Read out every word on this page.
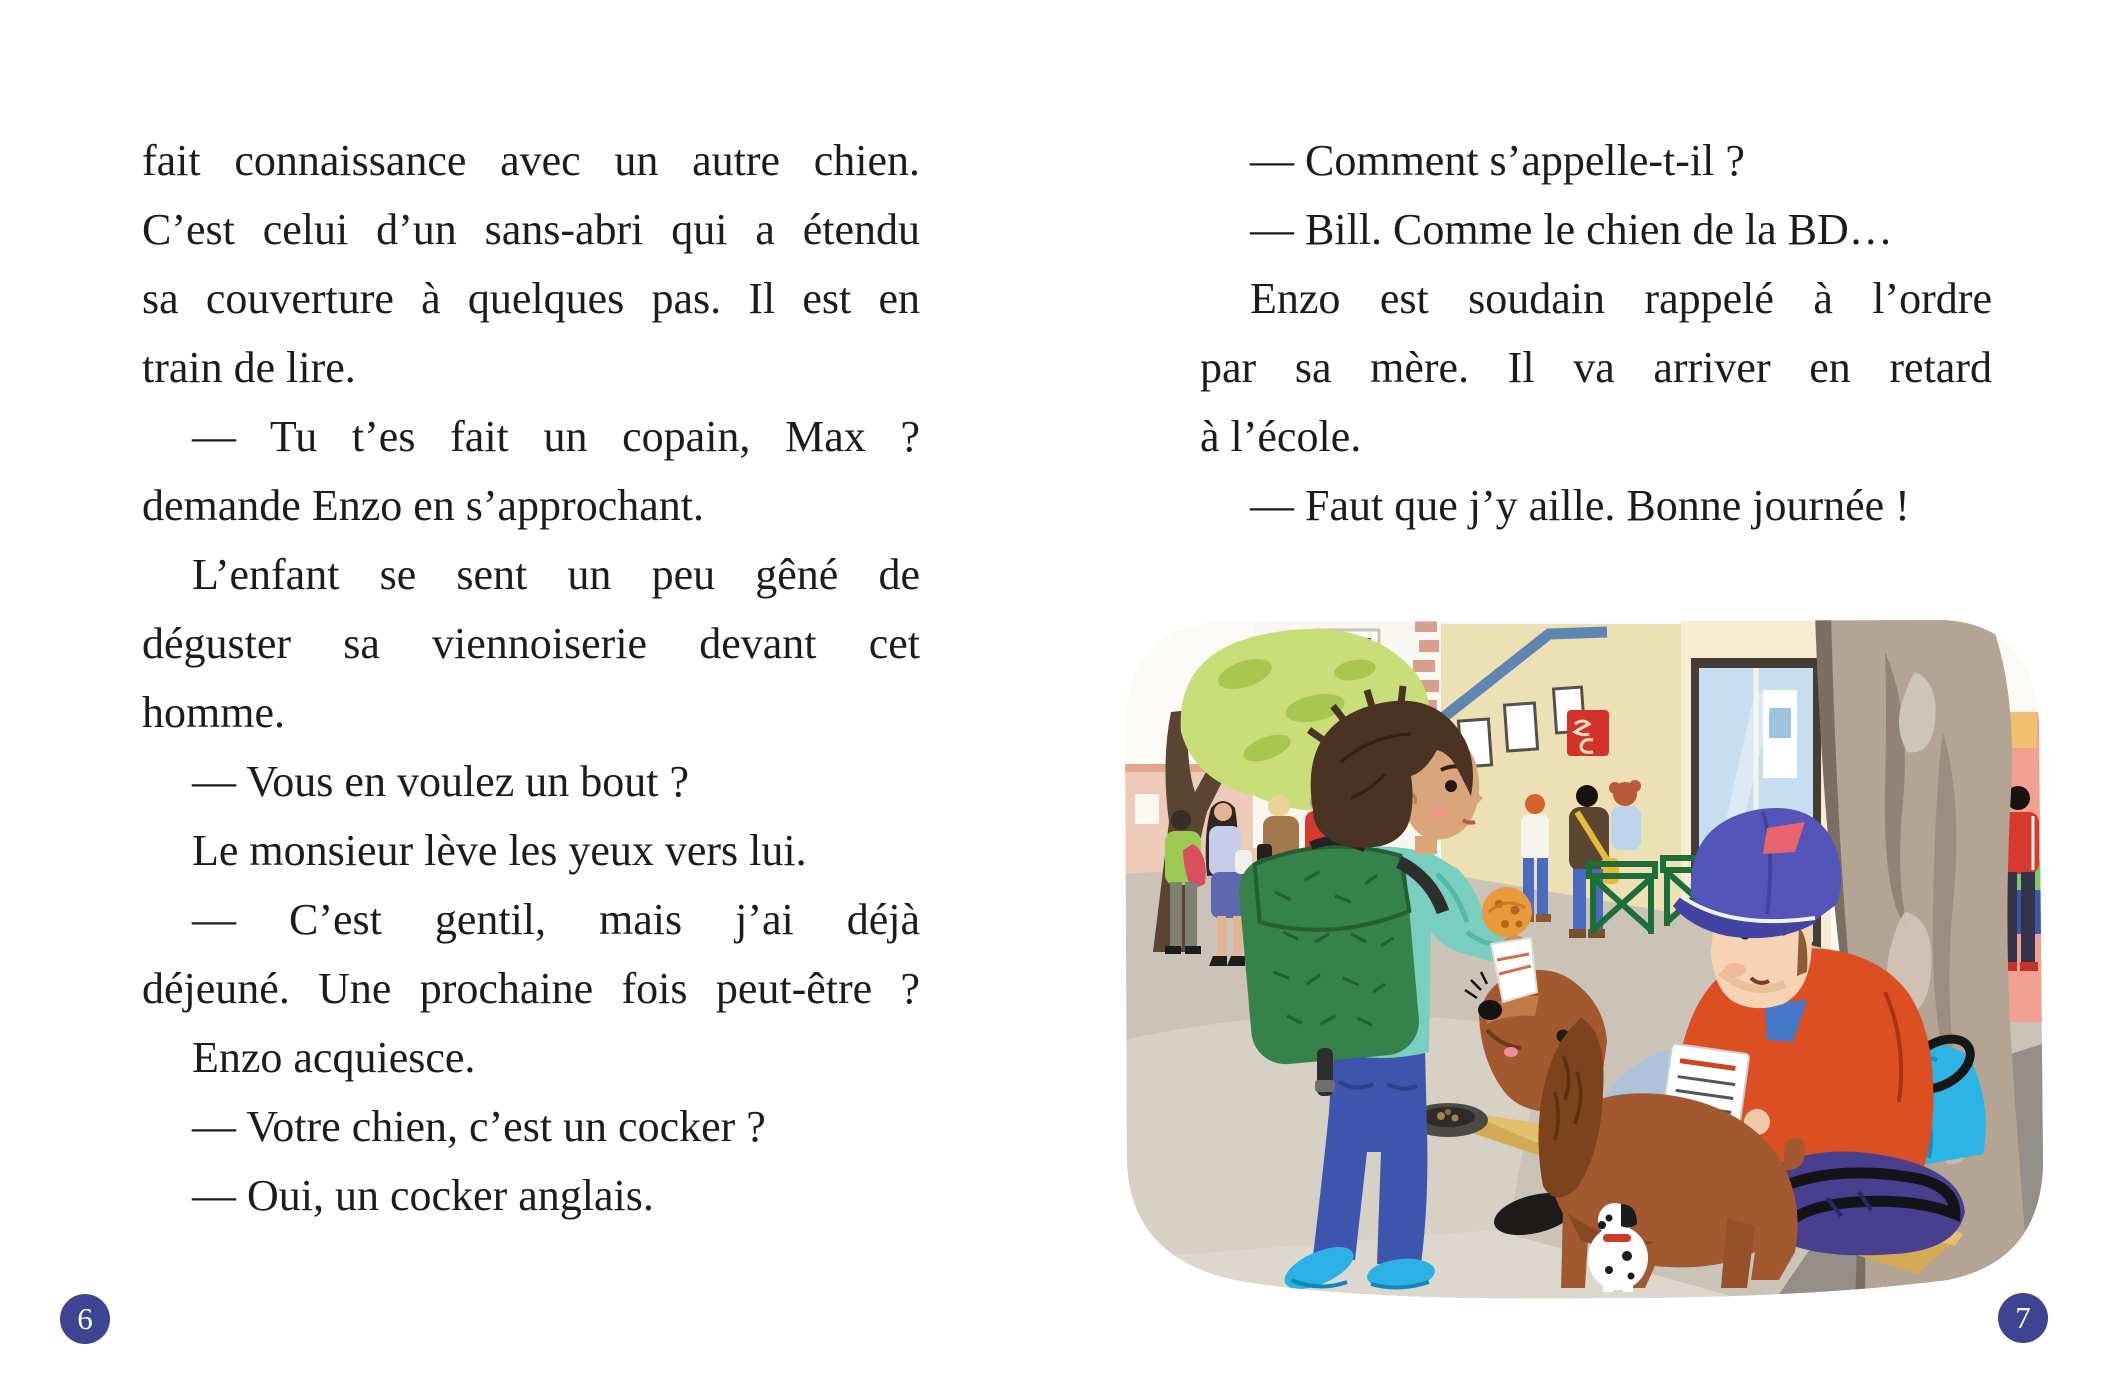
fait connaissance avec un autre chien.
C’est celui d’un sans-abri qui a étendu
sa couverture à quelques pas. Il est en
train de lire.
— Tu t’es fait un copain, Max ?
demande Enzo en s’approchant.
L’enfant se sent un peu gêné de
déguster sa viennoiserie devant cet
homme.
— Vous en voulez un bout ?
Le monsieur lève les yeux vers lui.
— C’est gentil, mais j’ai déjà
déjeuné. Une prochaine fois peut-être ?
Enzo acquiesce.
— Votre chien, c’est un cocker ?
— Oui, un cocker anglais.
— Comment s’appelle-t-il ?
— Bill. Comme le chien de la BD…
Enzo est soudain rappelé à l’ordre
par sa mère. Il va arriver en retard
à l’école.
— Faut que j’y aille. Bonne journée !
6	7
